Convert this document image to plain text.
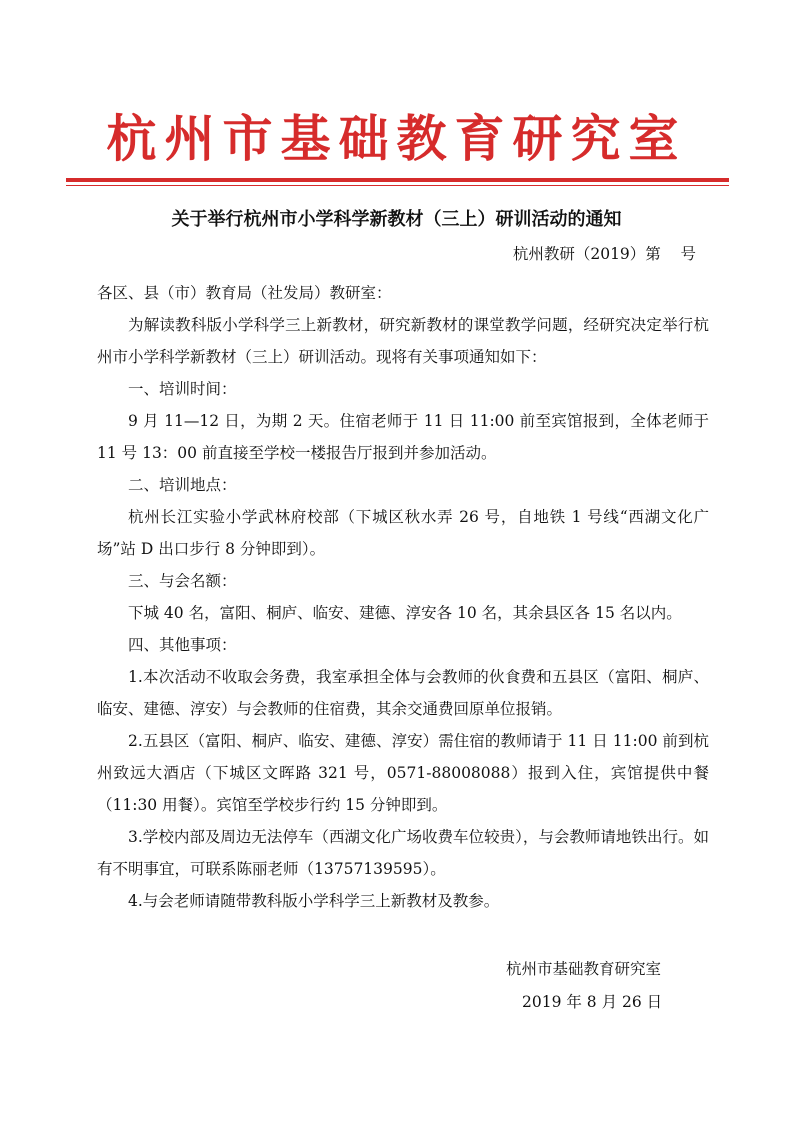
杭州市基础教育研究室
关于举行杭州市小学科学新教材（三上）研训活动的通知
杭州教研（2019）第    号

各区、县（市）教育局（社发局）教研室：

为解读教科版小学科学三上新教材，研究新教材的课堂教学问题，经研究决定举行杭州市小学科学新教材（三上）研训活动。现将有关事项通知如下：

一、培训时间：

9 月 11—12 日，为期 2 天。住宿老师于 11 日 11:00 前至宾馆报到，全体老师于 11 号 13：00 前直接至学校一楼报告厅报到并参加活动。

二、培训地点：

杭州长江实验小学武林府校部（下城区秋水弄 26 号，自地铁 1 号线“西湖文化广场”站 D 出口步行 8 分钟即到）。

三、与会名额：

下城 40 名，富阳、桐庐、临安、建德、淳安各 10 名，其余县区各 15 名以内。

四、其他事项：

1.本次活动不收取会务费，我室承担全体与会教师的伙食费和五县区（富阳、桐庐、临安、建德、淳安）与会教师的住宿费，其余交通费回原单位报销。

2.五县区（富阳、桐庐、临安、建德、淳安）需住宿的教师请于 11 日 11:00 前到杭州致远大酒店（下城区文晖路 321 号，0571-88008088）报到入住，宾馆提供中餐（11:30 用餐）。宾馆至学校步行约 15 分钟即到。

3.学校内部及周边无法停车（西湖文化广场收费车位较贵），与会教师请地铁出行。如有不明事宜，可联系陈丽老师（13757139595）。

4.与会老师请随带教科版小学科学三上新教材及教参。

杭州市基础教育研究室
2019 年 8 月 26 日
